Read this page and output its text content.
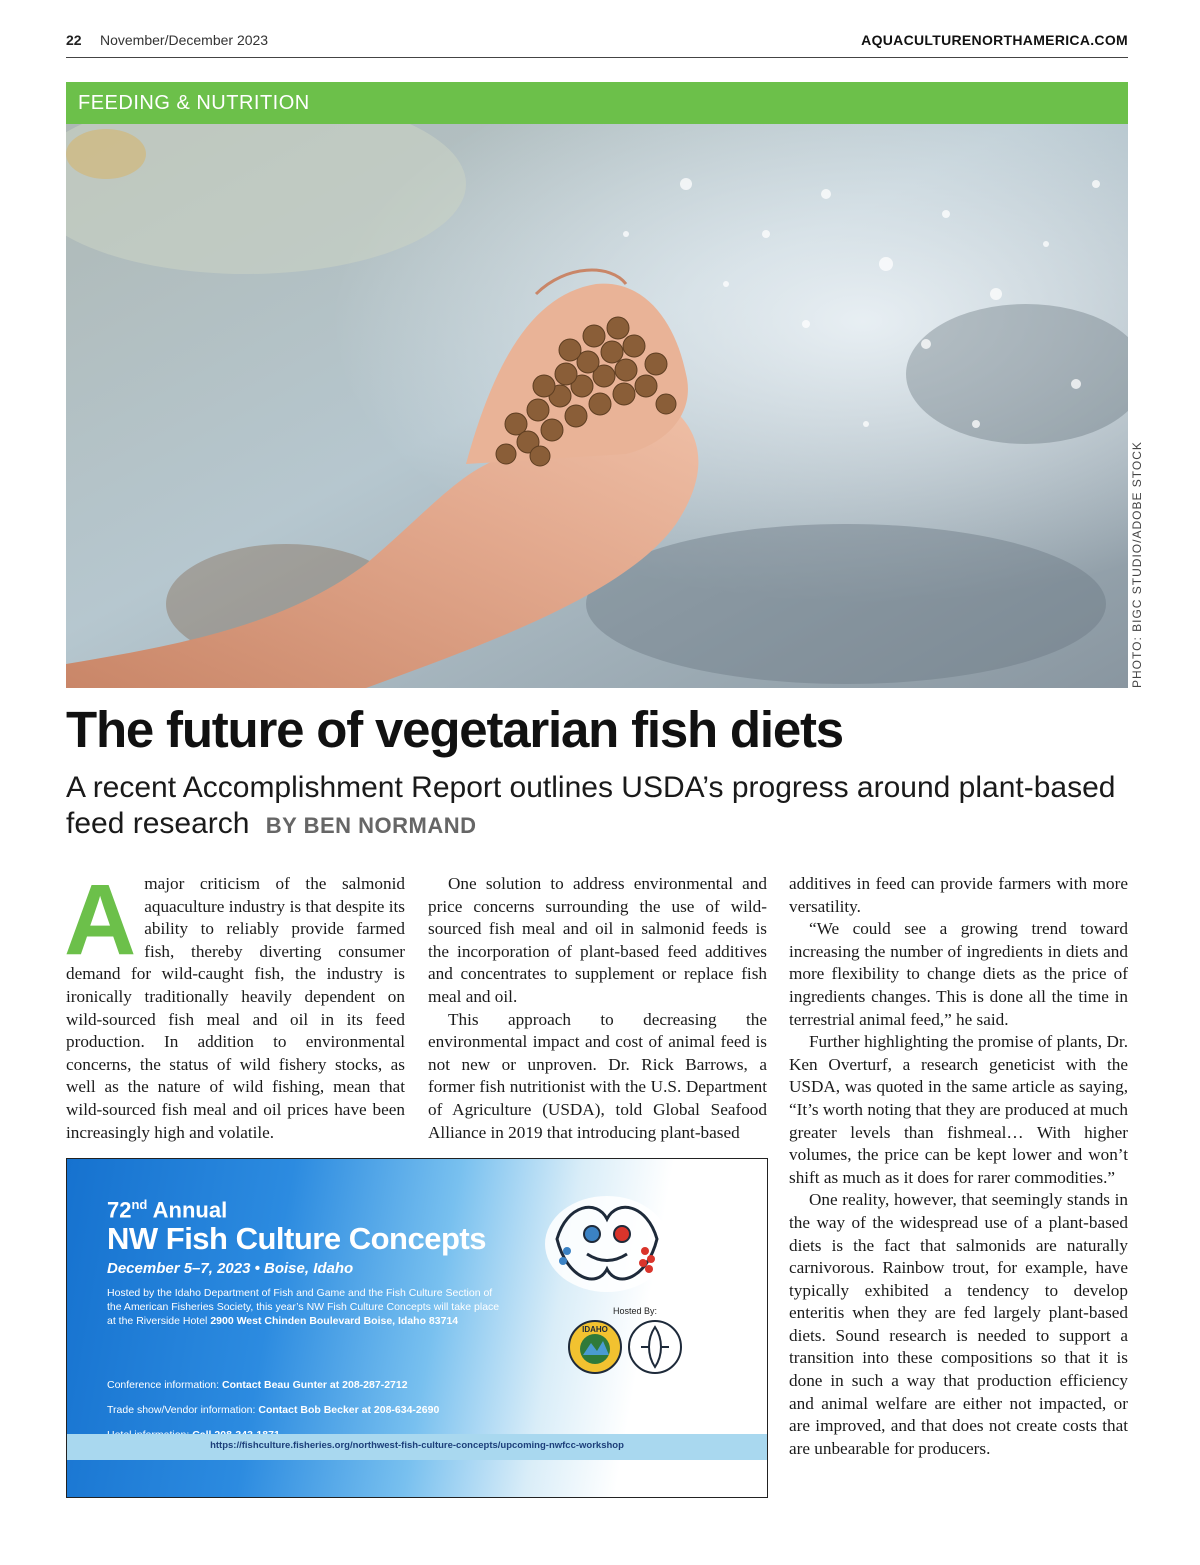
22 November/December 2023	AQUACULTURENORTHAMERICA.COM
FEEDING & NUTRITION
PHOTO: BIGC STUDIO/ADOBE STOCK
The future of vegetarian fish diets

A recent Accomplishment Report outlines USDA’s progress around plant-based feed research BY BEN NORMAND

Amajor criticism of the salmonid aquaculture industry is that despite its ability to reliably provide farmed fish, thereby diverting consumer demand for wild-caught fish, the industry is ironically traditionally heavily dependent on wild-sourced fish meal and oil in its feed production. In addition to environmental concerns, the status of wild fishery stocks, as well as the nature of wild fishing, mean that wild-sourced fish meal and oil prices have been increasingly high and volatile.

One solution to address environmental and price concerns surrounding the use of wild-sourced fish meal and oil in salmonid feeds is the incorporation of plant-based feed additives and concentrates to supplement or replace fish meal and oil.

This approach to decreasing the environmental impact and cost of animal feed is not new or unproven. Dr. Rick Barrows, a former fish nutritionist with the U.S. Department of Agriculture (USDA), told Global Seafood Alliance in 2019 that introducing plant-based

additives in feed can provide farmers with more versatility.

“We could see a growing trend toward increasing the number of ingredients in diets and more flexibility to change diets as the price of ingredients changes. This is done all the time in terrestrial animal feed,” he said.

Further highlighting the promise of plants, Dr. Ken Overturf, a research geneticist with the USDA, was quoted in the same article as saying, “It’s worth noting that they are produced at much greater levels than fishmeal… With higher volumes, the price can be kept lower and won’t shift as much as it does for rarer commodities.”

One reality, however, that seemingly stands in the way of the widespread use of a plant-based diets is the fact that salmonids are naturally carnivorous. Rainbow trout, for example, have typically exhibited a tendency to develop enteritis when they are fed largely plant-based diets. Sound research is needed to support a transition into these compositions so that it is done in such a way that production efficiency and animal welfare are either not impacted, or are improved, and that does not create costs that are unbearable for producers.

72nd Annual
NW Fish Culture Concepts
December 5–7, 2023 • Boise, Idaho
Hosted by the Idaho Department of Fish and Game and the Fish Culture Section of the American Fisheries Society, this year’s NW Fish Culture Concepts will take place at the Riverside Hotel 2900 West Chinden Boulevard Boise, Idaho 83714
Conference information: Contact Beau Gunter at 208-287-2712
Trade show/Vendor information: Contact Bob Becker at 208-634-2690
https://fishculture.fisheries.org/northwest-fish-culture-concepts/upcoming-nwfcc-workshop
Hosted By:
IDAHO
